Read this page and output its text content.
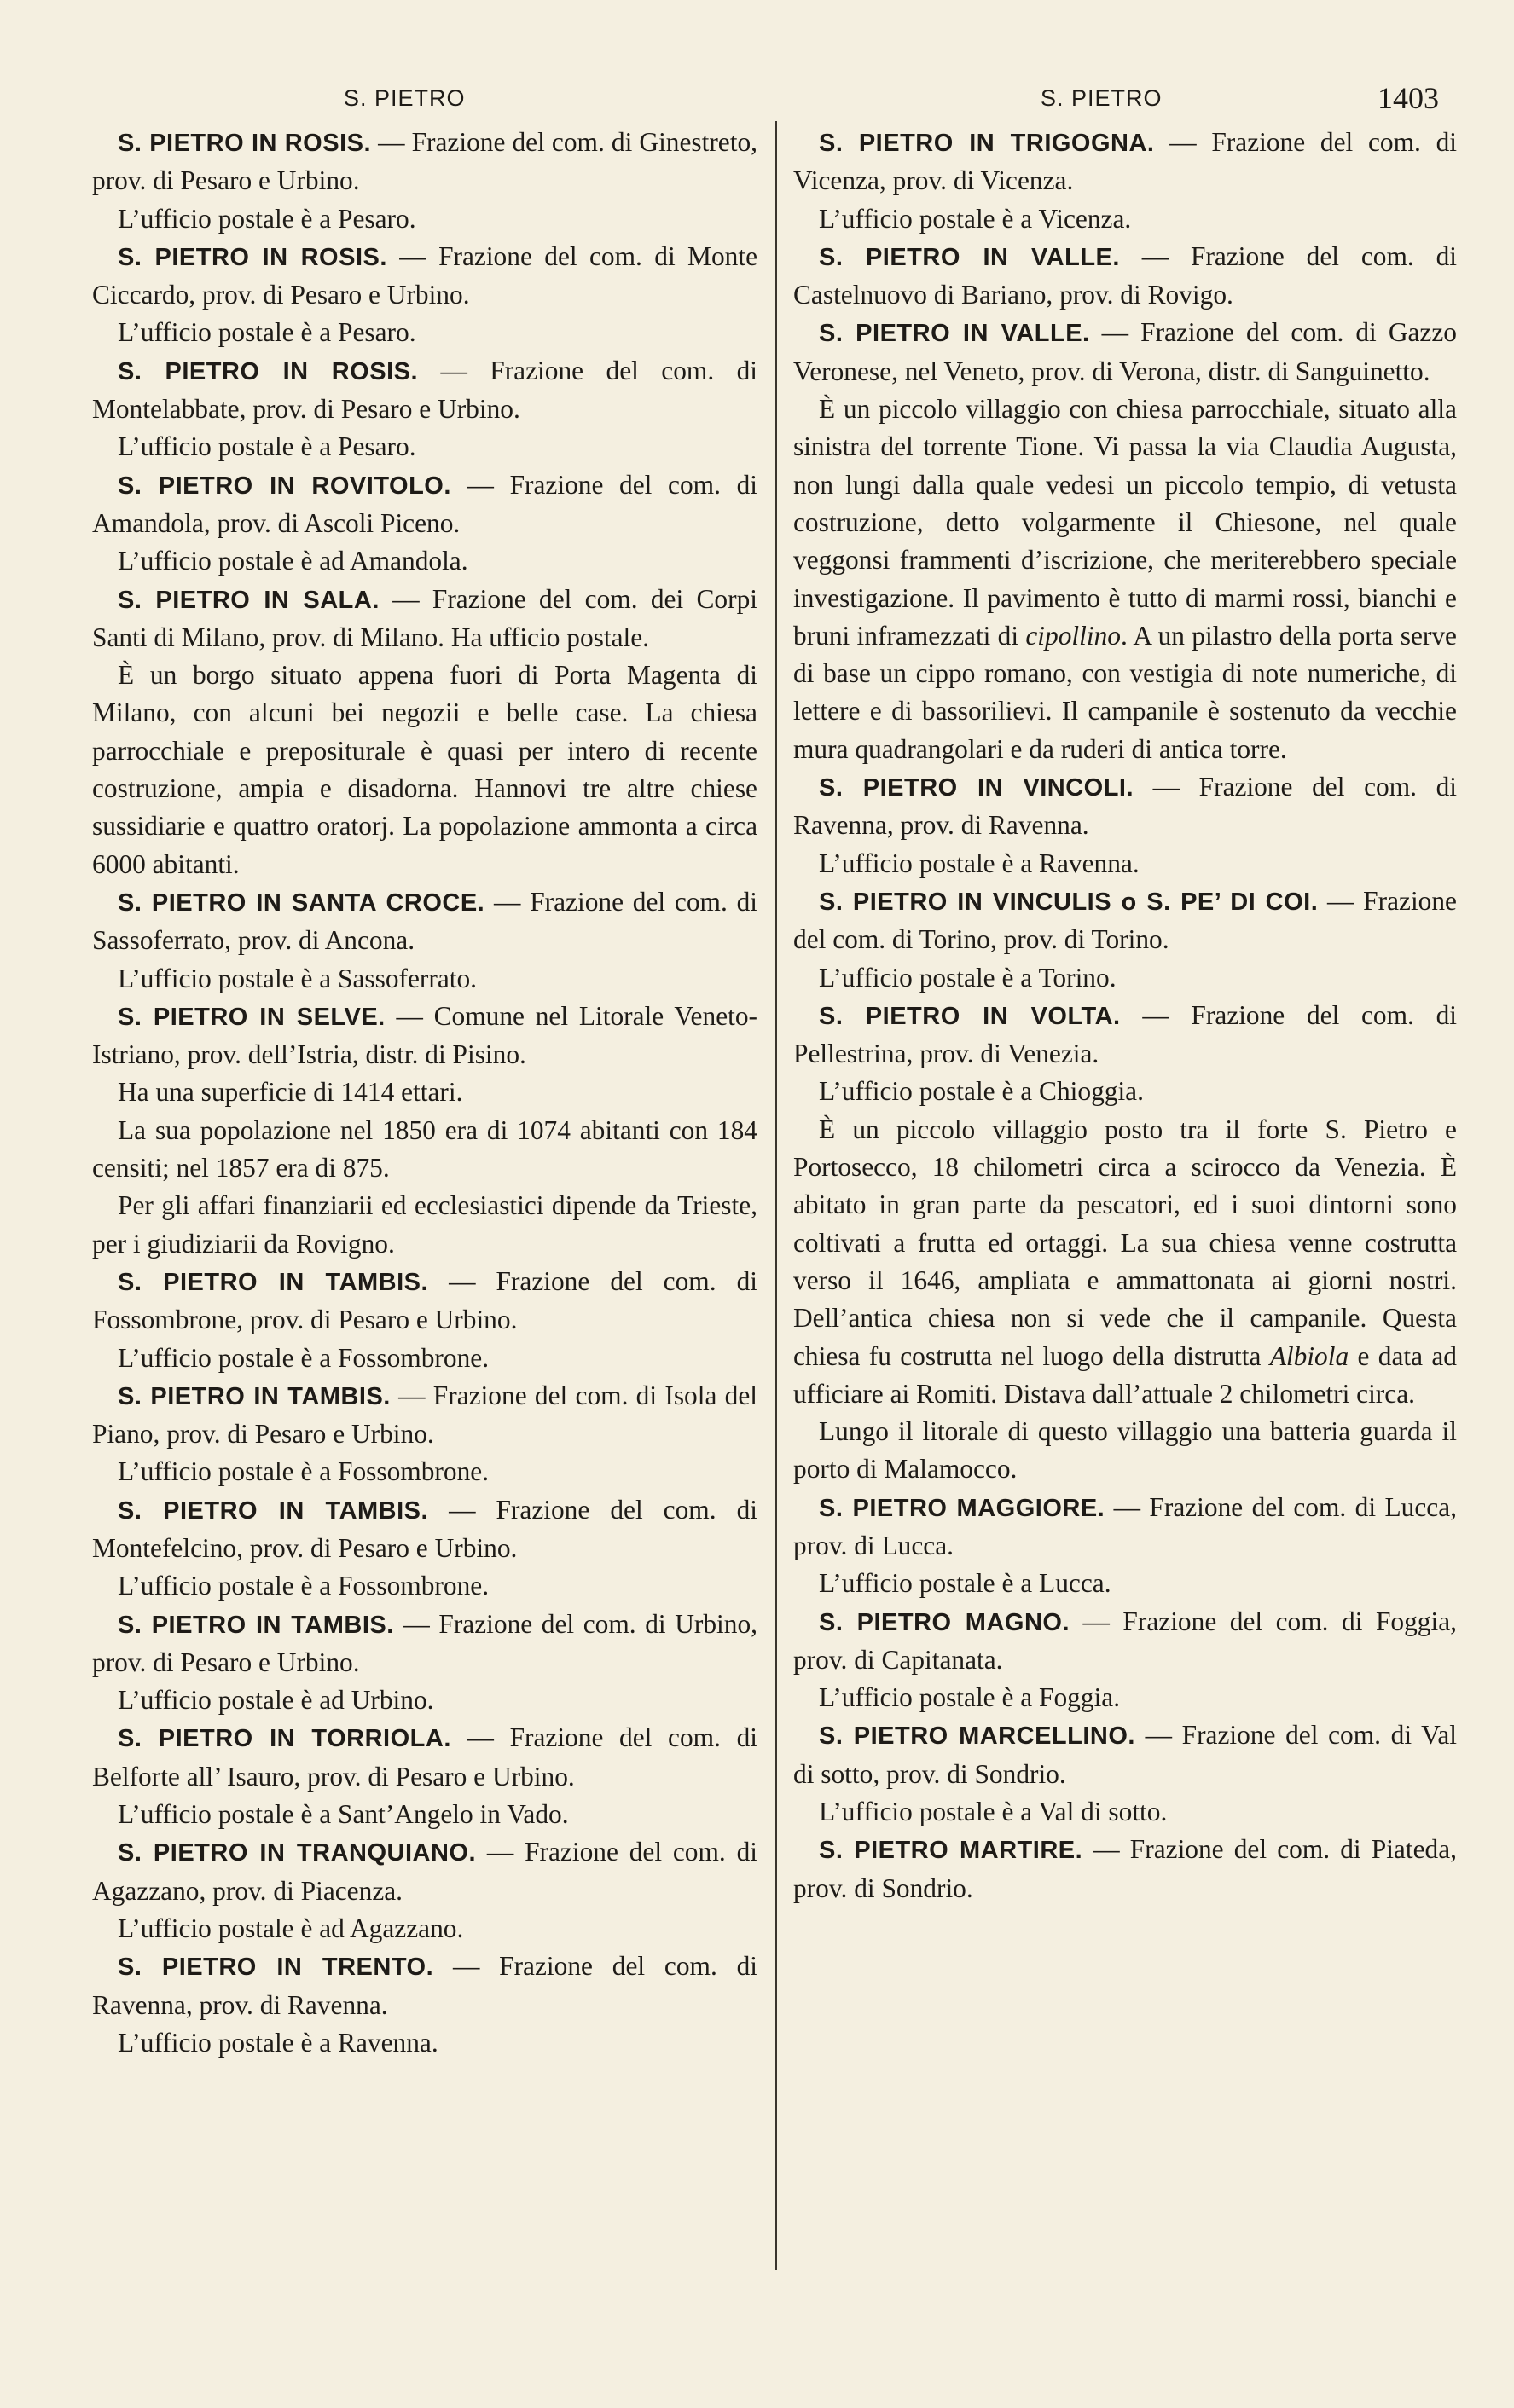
S. PIETRO	S. PIETRO	1403

S. PIETRO IN ROSIS. — Frazione del com. di Ginestreto, prov. di Pesaro e Urbino.

L’ufficio postale è a Pesaro.

S. PIETRO IN ROSIS. — Frazione del com. di Monte Ciccardo, prov. di Pesaro e Urbino.

L’ufficio postale è a Pesaro.

S. PIETRO IN ROSIS. — Frazione del com. di Montelabbate, prov. di Pesaro e Urbino.

L’ufficio postale è a Pesaro.

S. PIETRO IN ROVITOLO. — Frazione del com. di Amandola, prov. di Ascoli Piceno.

L’ufficio postale è ad Amandola.

S. PIETRO IN SALA. — Frazione del com. dei Corpi Santi di Milano, prov. di Milano. Ha ufficio postale.

È un borgo situato appena fuori di Porta Magenta di Milano, con alcuni bei negozii e belle case. La chiesa parrocchiale e prepositurale è quasi per intero di recente costruzione, ampia e disadorna. Hannovi tre altre chiese sussidiarie e quattro oratorj. La popolazione ammonta a circa 6000 abitanti.

S. PIETRO IN SANTA CROCE. — Frazione del com. di Sassoferrato, prov. di Ancona.

L’ufficio postale è a Sassoferrato.

S. PIETRO IN SELVE. — Comune nel Litorale Veneto-Istriano, prov. dell’Istria, distr. di Pisino.

Ha una superficie di 1414 ettari.

La sua popolazione nel 1850 era di 1074 abitanti con 184 censiti; nel 1857 era di 875.

Per gli affari finanziarii ed ecclesiastici dipende da Trieste, per i giudiziarii da Rovigno.

S. PIETRO IN TAMBIS. — Frazione del com. di Fossombrone, prov. di Pesaro e Urbino.

L’ufficio postale è a Fossombrone.

S. PIETRO IN TAMBIS. — Frazione del com. di Isola del Piano, prov. di Pesaro e Urbino.

L’ufficio postale è a Fossombrone.

S. PIETRO IN TAMBIS. — Frazione del com. di Montefelcino, prov. di Pesaro e Urbino.

L’ufficio postale è a Fossombrone.

S. PIETRO IN TAMBIS. — Frazione del com. di Urbino, prov. di Pesaro e Urbino.

L’ufficio postale è ad Urbino.

S. PIETRO IN TORRIOLA. — Frazione del com. di Belforte all’ Isauro, prov. di Pesaro e Urbino.

L’ufficio postale è a Sant’Angelo in Vado.

S. PIETRO IN TRANQUIANO. — Frazione del com. di Agazzano, prov. di Piacenza.

L’ufficio postale è ad Agazzano.

S. PIETRO IN TRENTO. — Frazione del com. di Ravenna, prov. di Ravenna.

L’ufficio postale è a Ravenna.

S. PIETRO IN TRIGOGNA. — Frazione del com. di Vicenza, prov. di Vicenza.

L’ufficio postale è a Vicenza.

S. PIETRO IN VALLE. — Frazione del com. di Castelnuovo di Bariano, prov. di Rovigo.

S. PIETRO IN VALLE. — Frazione del com. di Gazzo Veronese, nel Veneto, prov. di Verona, distr. di Sanguinetto.

È un piccolo villaggio con chiesa parrocchiale, situato alla sinistra del torrente Tione. Vi passa la via Claudia Augusta, non lungi dalla quale vedesi un piccolo tempio, di vetusta costruzione, detto volgarmente il Chiesone, nel quale veggonsi frammenti d’iscrizione, che meriterebbero speciale investigazione. Il pavimento è tutto di marmi rossi, bianchi e bruni inframezzati di cipollino. A un pilastro della porta serve di base un cippo romano, con vestigia di note numeriche, di lettere e di bassorilievi. Il campanile è sostenuto da vecchie mura quadrangolari e da ruderi di antica torre.

S. PIETRO IN VINCOLI. — Frazione del com. di Ravenna, prov. di Ravenna.

L’ufficio postale è a Ravenna.

S. PIETRO IN VINCULIS o S. PE’ DI COI. — Frazione del com. di Torino, prov. di Torino.

L’ufficio postale è a Torino.

S. PIETRO IN VOLTA. — Frazione del com. di Pellestrina, prov. di Venezia.

L’ufficio postale è a Chioggia.

È un piccolo villaggio posto tra il forte S. Pietro e Portosecco, 18 chilometri circa a scirocco da Venezia. È abitato in gran parte da pescatori, ed i suoi dintorni sono coltivati a frutta ed ortaggi. La sua chiesa venne costrutta verso il 1646, ampliata e ammattonata ai giorni nostri. Dell’antica chiesa non si vede che il campanile. Questa chiesa fu costrutta nel luogo della distrutta Albiola e data ad ufficiare ai Romiti. Distava dall’attuale 2 chilometri circa.

Lungo il litorale di questo villaggio una batteria guarda il porto di Malamocco.

S. PIETRO MAGGIORE. — Frazione del com. di Lucca, prov. di Lucca.

L’ufficio postale è a Lucca.

S. PIETRO MAGNO. — Frazione del com. di Foggia, prov. di Capitanata.

L’ufficio postale è a Foggia.

S. PIETRO MARCELLINO. — Frazione del com. di Val di sotto, prov. di Sondrio.

L’ufficio postale è a Val di sotto.

S. PIETRO MARTIRE. — Frazione del com. di Piateda, prov. di Sondrio.
